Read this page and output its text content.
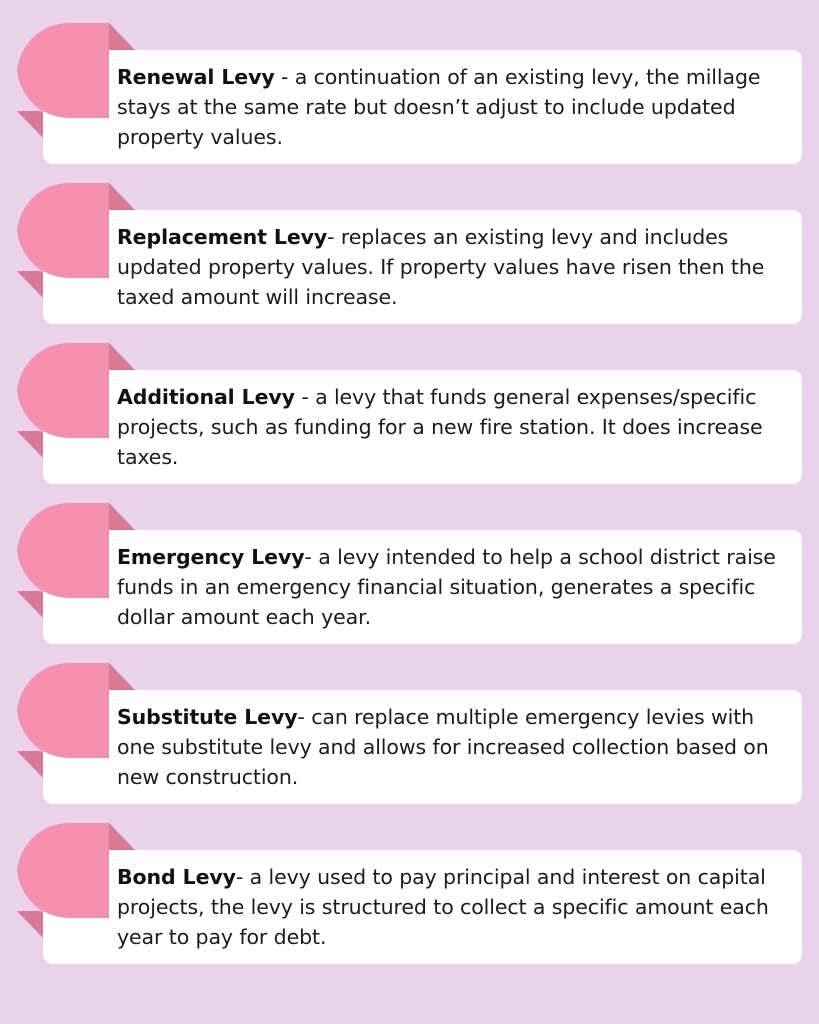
Renewal Levy - a continuation of an existing levy, the millage stays at the same rate but doesn’t adjust to include updated property values.

Replacement Levy- replaces an existing levy and includes updated property values. If property values have risen then the taxed amount will increase.

Additional Levy - a levy that funds general expenses/specific projects, such as funding for a new fire station. It does increase taxes.

Emergency Levy- a levy intended to help a school district raise funds in an emergency financial situation, generates a specific dollar amount each year.

Substitute Levy- can replace multiple emergency levies with one substitute levy and allows for increased collection based on new construction.

Bond Levy- a levy used to pay principal and interest on capital projects, the levy is structured to collect a specific amount each year to pay for debt.
